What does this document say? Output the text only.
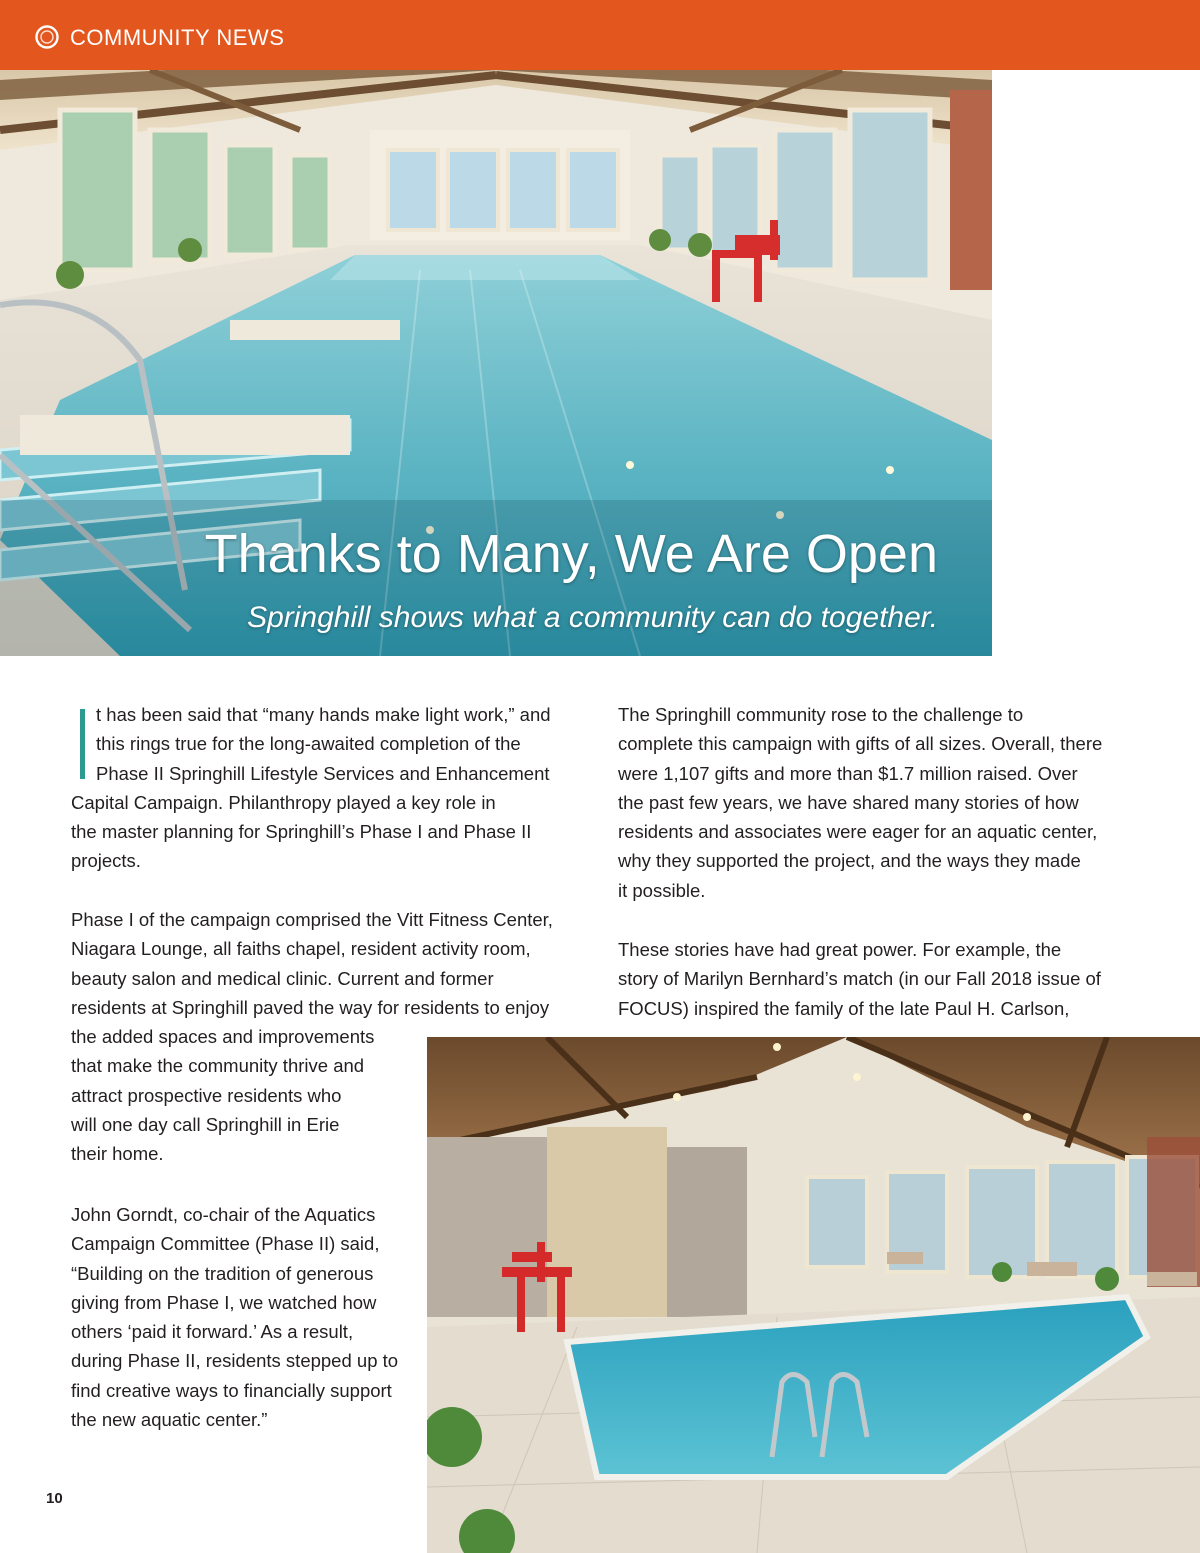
COMMUNITY NEWS
Thanks to Many, We Are Open
Springhill shows what a community can do together.

t has been said that “many hands make light work,” and

this rings true for the long-awaited completion of the

Phase II Springhill Lifestyle Services and Enhancement

Capital Campaign. Philanthropy played a key role in

the master planning for Springhill’s Phase I and Phase II

projects.

Phase I of the campaign comprised the Vitt Fitness Center,

Niagara Lounge, all faiths chapel, resident activity room,

beauty salon and medical clinic. Current and former

residents at Springhill paved the way for residents to enjoy

the added spaces and improvements

that make the community thrive and

attract prospective residents who

will one day call Springhill in Erie

their home.

John Gorndt, co-chair of the Aquatics

Campaign Committee (Phase II) said,

“Building on the tradition of generous

giving from Phase I, we watched how

others ‘paid it forward.’ As a result,

during Phase II, residents stepped up to

find creative ways to financially support

the new aquatic center.”

The Springhill community rose to the challenge to

complete this campaign with gifts of all sizes. Overall, there

were 1,107 gifts and more than $1.7 million raised. Over

the past few years, we have shared many stories of how

residents and associates were eager for an aquatic center,

why they supported the project, and the ways they made

it possible.

These stories have had great power. For example, the

story of Marilyn Bernhard’s match (in our Fall 2018 issue of

FOCUS) inspired the family of the late Paul H. Carlson,

10
